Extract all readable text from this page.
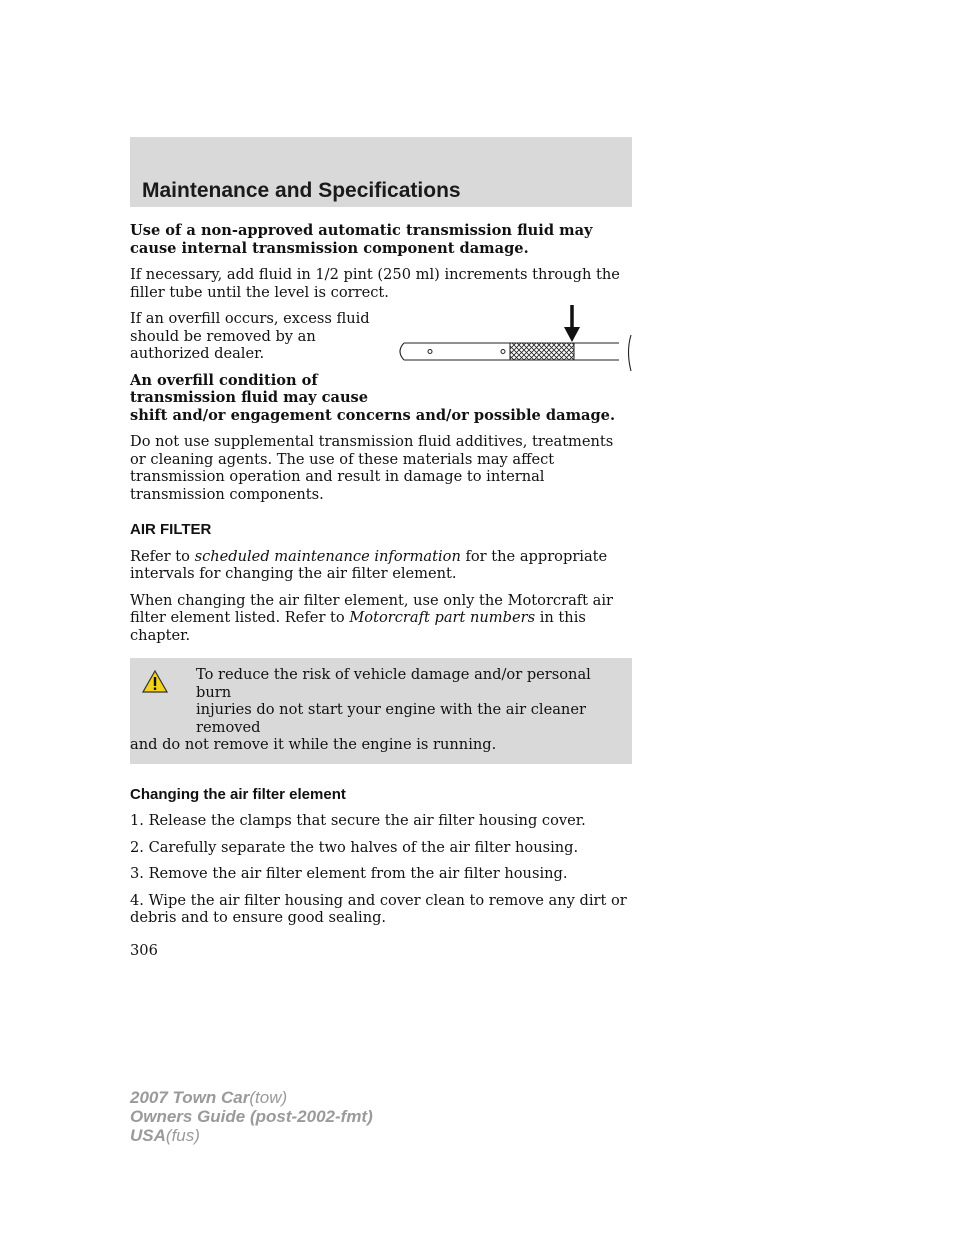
Maintenance and Specifications

Use of a non-approved automatic transmission fluid may cause internal transmission component damage.

If necessary, add fluid in 1/2 pint (250 ml) increments through the filler tube until the level is correct.

If an overfill occurs, excess fluid should be removed by an authorized dealer.

An overfill condition of transmission fluid may cause

shift and/or engagement concerns and/or possible damage.

Do not use supplemental transmission fluid additives, treatments or cleaning agents. The use of these materials may affect transmission operation and result in damage to internal transmission components.

AIR FILTER

Refer to scheduled maintenance information for the appropriate intervals for changing the air filter element.

When changing the air filter element, use only the Motorcraft air filter element listed. Refer to Motorcraft part numbers in this chapter.

To reduce the risk of vehicle damage and/or personal burn
injuries do not start your engine with the air cleaner removed
and do not remove it while the engine is running.
Changing the air filter element

1. Release the clamps that secure the air filter housing cover.

2. Carefully separate the two halves of the air filter housing.

3. Remove the air filter element from the air filter housing.

4. Wipe the air filter housing and cover clean to remove any dirt or debris and to ensure good sealing.

306
2007 Town Car(tow)
Owners Guide (post-2002-fmt)
USA(fus)
